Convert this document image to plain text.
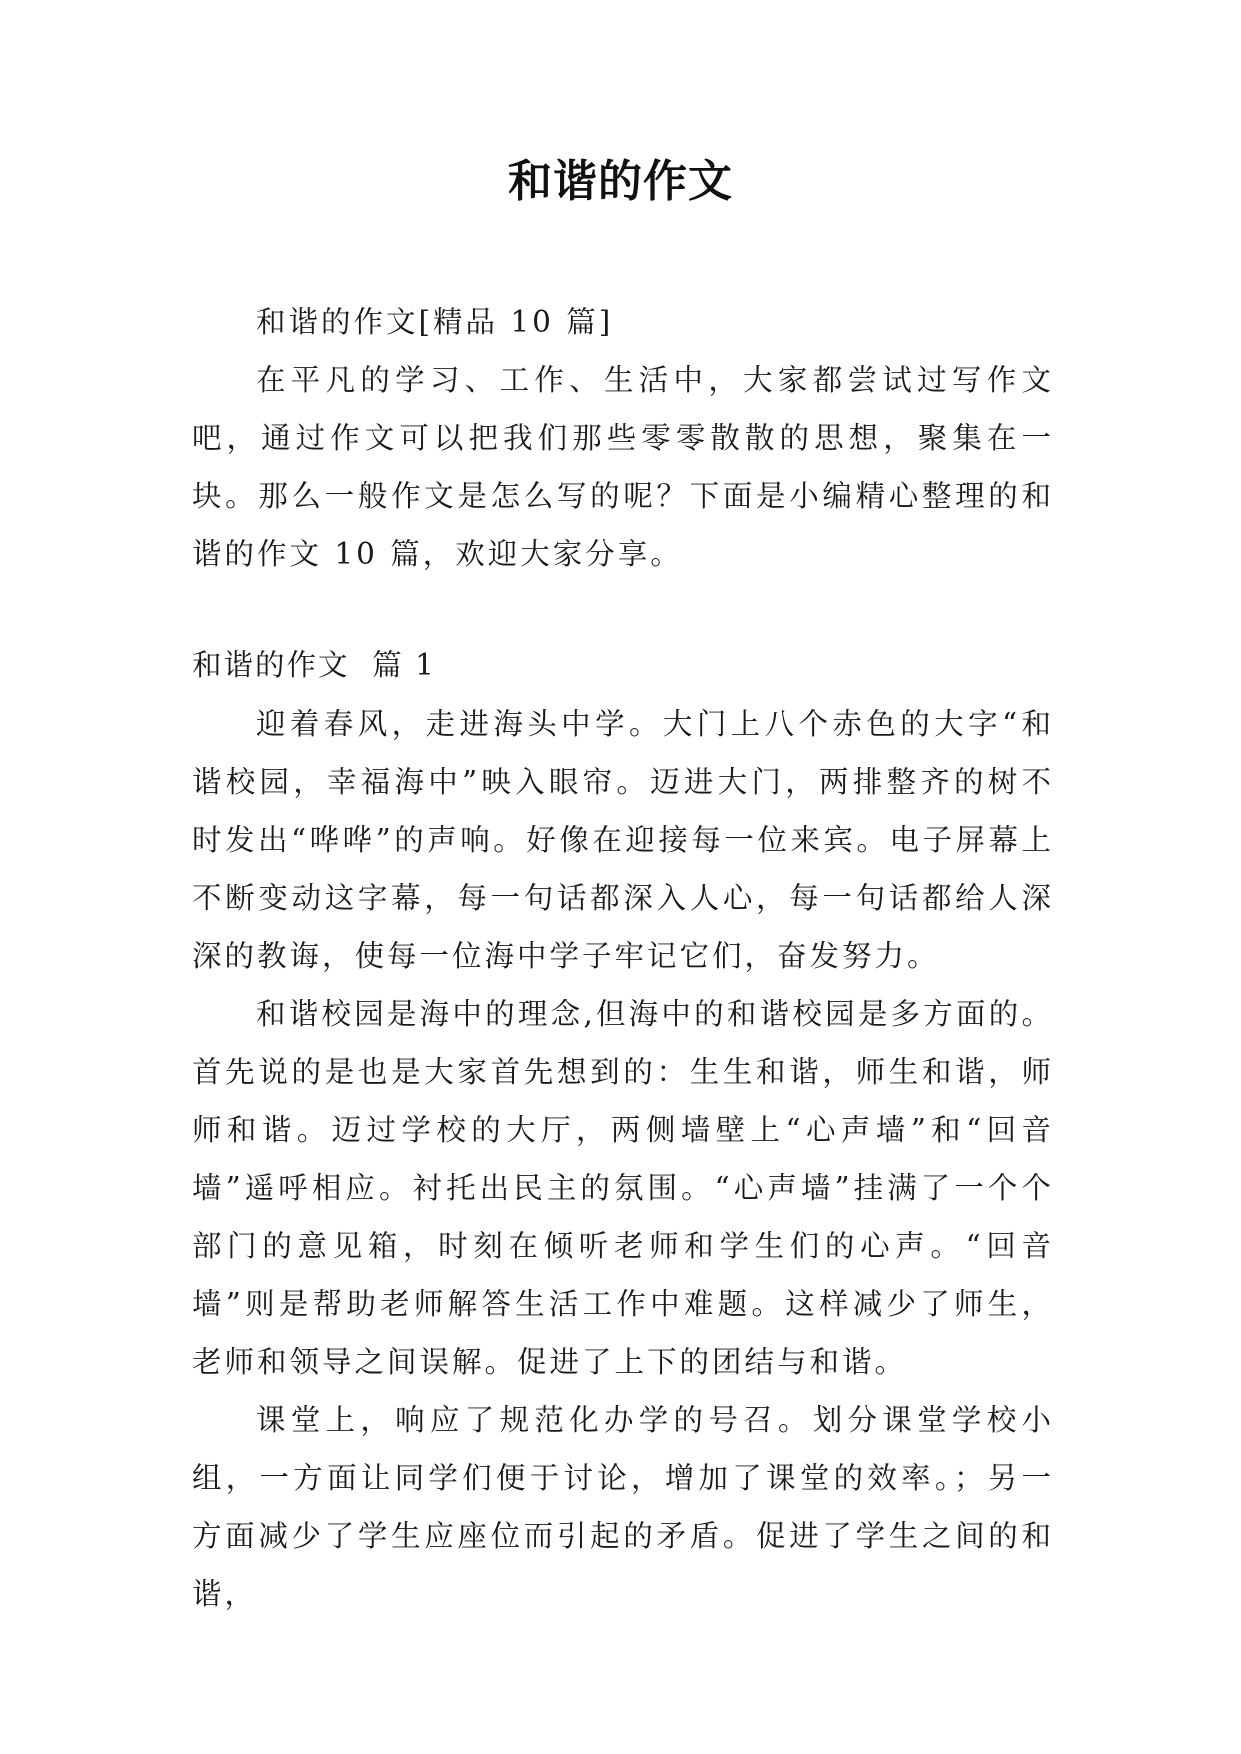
和谐的作文

和谐的作文[精品 10 篇]

在平凡的学习、工作、生活中，大家都尝试过写作文吧，通过作文可以把我们那些零零散散的思想，聚集在一块。那么一般作文是怎么写的呢？下面是小编精心整理的和谐的作文 10 篇，欢迎大家分享。

和谐的作文  篇 1

迎着春风，走进海头中学。大门上八个赤色的大字“和谐校园，幸福海中”映入眼帘。迈进大门，两排整齐的树不时发出“哗哗”的声响。好像在迎接每一位来宾。电子屏幕上不断变动这字幕，每一句话都深入人心，每一句话都给人深深的教诲，使每一位海中学子牢记它们，奋发努力。

和谐校园是海中的理念,但海中的和谐校园是多方面的。首先说的是也是大家首先想到的：生生和谐，师生和谐，师师和谐。迈过学校的大厅，两侧墙壁上“心声墙”和“回音墙”遥呼相应。衬托出民主的氛围。“心声墙”挂满了一个个部门的意见箱，时刻在倾听老师和学生们的心声。“回音墙”则是帮助老师解答生活工作中难题。这样减少了师生，老师和领导之间误解。促进了上下的团结与和谐。

课堂上，响应了规范化办学的号召。划分课堂学校小组，一方面让同学们便于讨论，增加了课堂的效率。；另一方面减少了学生应座位而引起的矛盾。促进了学生之间的和谐，
